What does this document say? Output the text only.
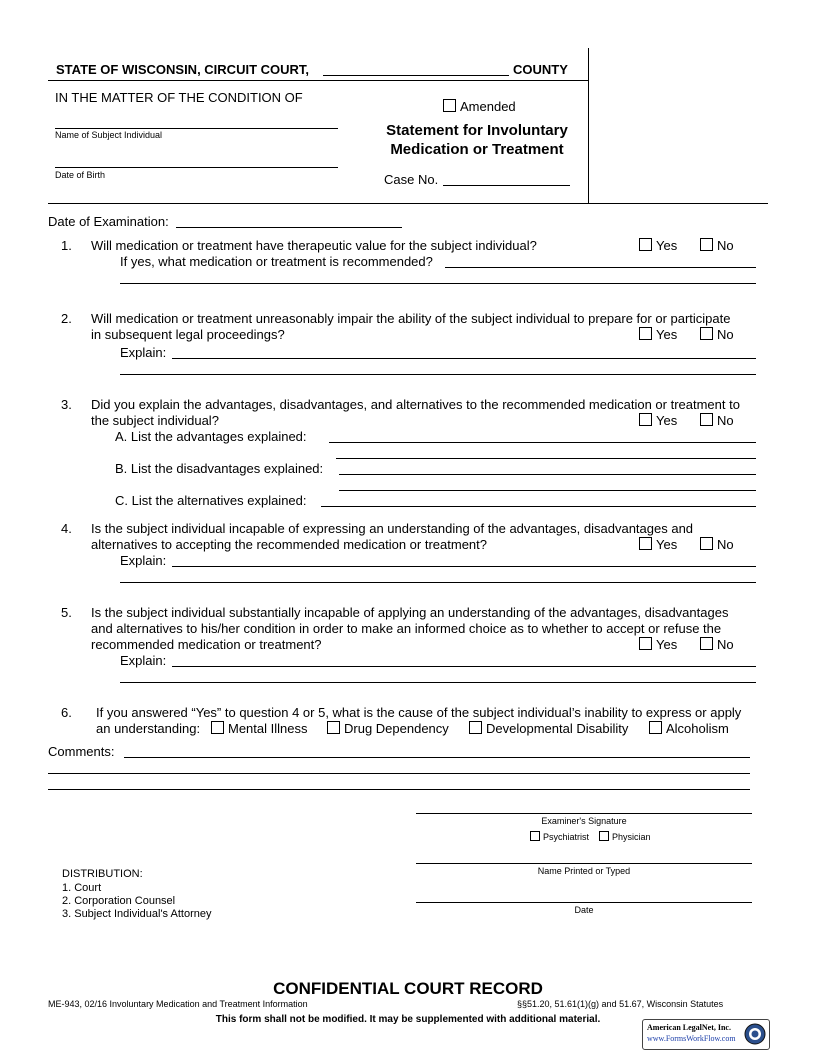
STATE OF WISCONSIN, CIRCUIT COURT,	COUNTY
IN THE MATTER OF THE CONDITION OF
Name of Subject Individual
Date of Birth
Amended
Statement for Involuntary
Medication or Treatment
Case No.
Date of Examination:
1. Will medication or treatment have therapeutic value for the subject individual?	Yes	No
If yes, what medication or treatment is recommended?
2. Will medication or treatment unreasonably impair the ability of the subject individual to prepare for or participate
in subsequent legal proceedings?	Yes	No
Explain:
3. Did you explain the advantages, disadvantages, and alternatives to the recommended medication or treatment to
the subject individual?	Yes	No
A. List the advantages explained:
B. List the disadvantages explained:
C. List the alternatives explained:
4. Is the subject individual incapable of expressing an understanding of the advantages, disadvantages and
alternatives to accepting the recommended medication or treatment?	Yes	No
Explain:
5. Is the subject individual substantially incapable of applying an understanding of the advantages, disadvantages
and alternatives to his/her condition in order to make an informed choice as to whether to accept or refuse the
recommended medication or treatment?	Yes	No
Explain:
6. If you answered “Yes” to question 4 or 5, what is the cause of the subject individual’s inability to express or apply
an understanding:	Mental Illness	Drug Dependency	Developmental Disability	Alcoholism
Comments:
Examiner's Signature
Psychiatrist	Physician
Name Printed or Typed
Date
DISTRIBUTION:
1. Court
2. Corporation Counsel
3. Subject Individual's Attorney
CONFIDENTIAL COURT RECORD
ME-943, 02/16 Involuntary Medication and Treatment Information	§§51.20, 51.61(1)(g) and 51.67, Wisconsin Statutes
This form shall not be modified. It may be supplemented with additional material.
American LegalNet, Inc.
www.FormsWorkFlow.com
